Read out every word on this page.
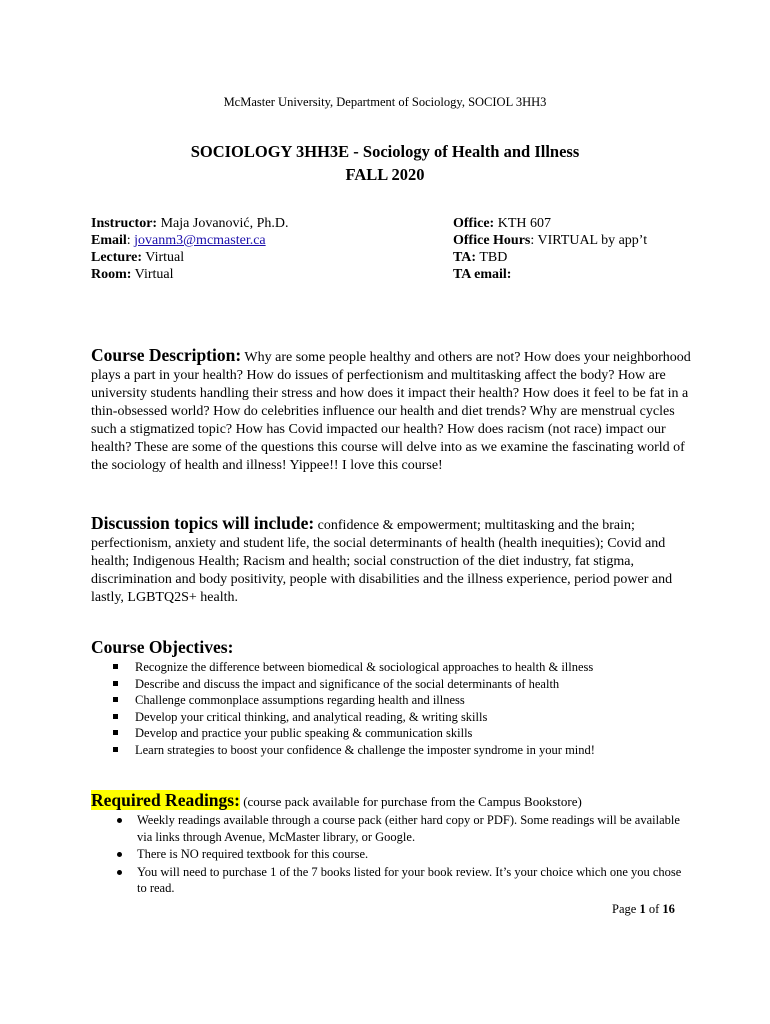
McMaster University, Department of Sociology, SOCIOL 3HH3
SOCIOLOGY 3HH3E - Sociology of Health and Illness
FALL 2020
Instructor: Maja Jovanović, Ph.D.
Email: jovanm3@mcmaster.ca
Lecture: Virtual
Room: Virtual
Office: KTH 607
Office Hours: VIRTUAL by app’t
TA: TBD
TA email:
Course Description: Why are some people healthy and others are not? How does your neighborhood plays a part in your health? How do issues of perfectionism and multitasking affect the body? How are university students handling their stress and how does it impact their health? How does it feel to be fat in a thin-obsessed world? How do celebrities influence our health and diet trends? Why are menstrual cycles such a stigmatized topic? How has Covid impacted our health? How does racism (not race) impact our health? These are some of the questions this course will delve into as we examine the fascinating world of the sociology of health and illness! Yippee!! I love this course!
Discussion topics will include: confidence & empowerment; multitasking and the brain; perfectionism, anxiety and student life, the social determinants of health (health inequities); Covid and health; Indigenous Health; Racism and health; social construction of the diet industry, fat stigma, discrimination and body positivity, people with disabilities and the illness experience, period power and lastly, LGBTQ2S+ health.
Course Objectives:
Recognize the difference between biomedical & sociological approaches to health & illness
Describe and discuss the impact and significance of the social determinants of health
Challenge commonplace assumptions regarding health and illness
Develop your critical thinking, and analytical reading, & writing skills
Develop and practice your public speaking & communication skills
Learn strategies to boost your confidence & challenge the imposter syndrome in your mind!
Required Readings: (course pack available for purchase from the Campus Bookstore)
Weekly readings available through a course pack (either hard copy or PDF). Some readings will be available via links through Avenue, McMaster library, or Google.
There is NO required textbook for this course.
You will need to purchase 1 of the 7 books listed for your book review. It’s your choice which one you chose to read.
Page 1 of 16
